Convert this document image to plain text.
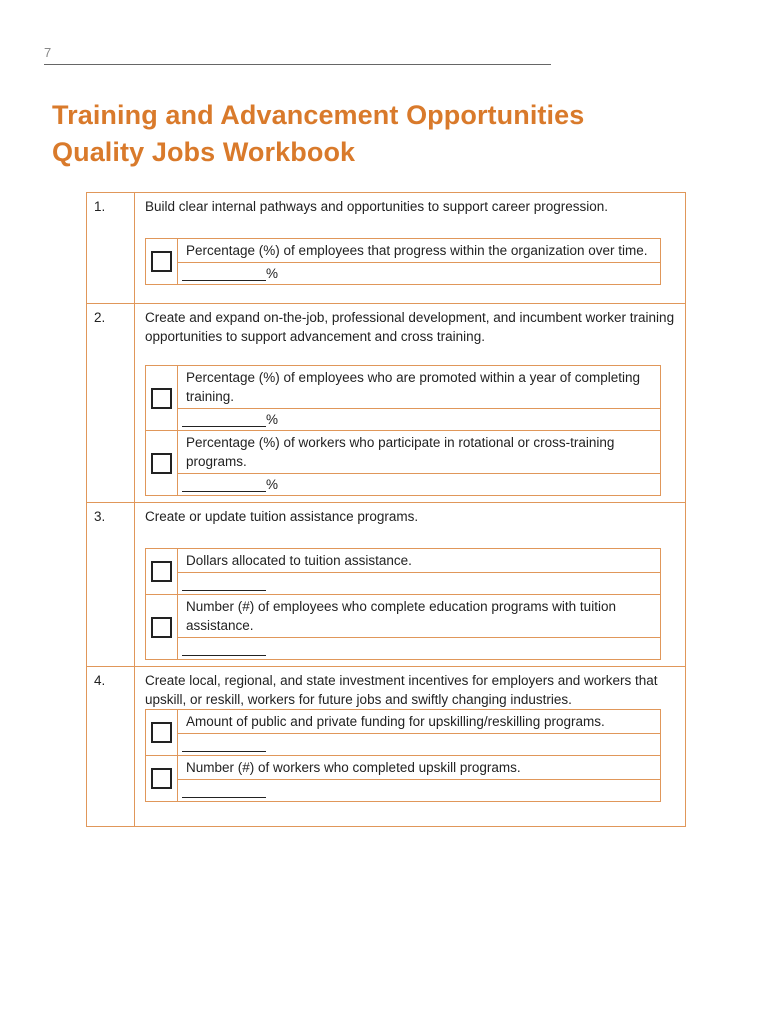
7
Training and Advancement Opportunities
Quality Jobs Workbook
1.	Build clear internal pathways and opportunities to support career progression.
	Percentage (%) of employees that progress within the organization over time.
%

2.	Create and expand on-the-job, professional development, and incumbent worker training opportunities to support advancement and cross training.
	Percentage (%) of employees who are promoted within a year of completing training.
%
	Percentage (%) of workers who participate in rotational or cross-training programs.
%

3.	Create or update tuition assistance programs.
	Dollars allocated to tuition assistance.

	Number (#) of employees who complete education programs with tuition assistance.

4.	Create local, regional, and state investment incentives for employers and workers that upskill, or reskill, workers for future jobs and swiftly changing industries.
	Amount of public and private funding for upskilling/reskilling programs.

	Number (#) of workers who completed upskill programs.
